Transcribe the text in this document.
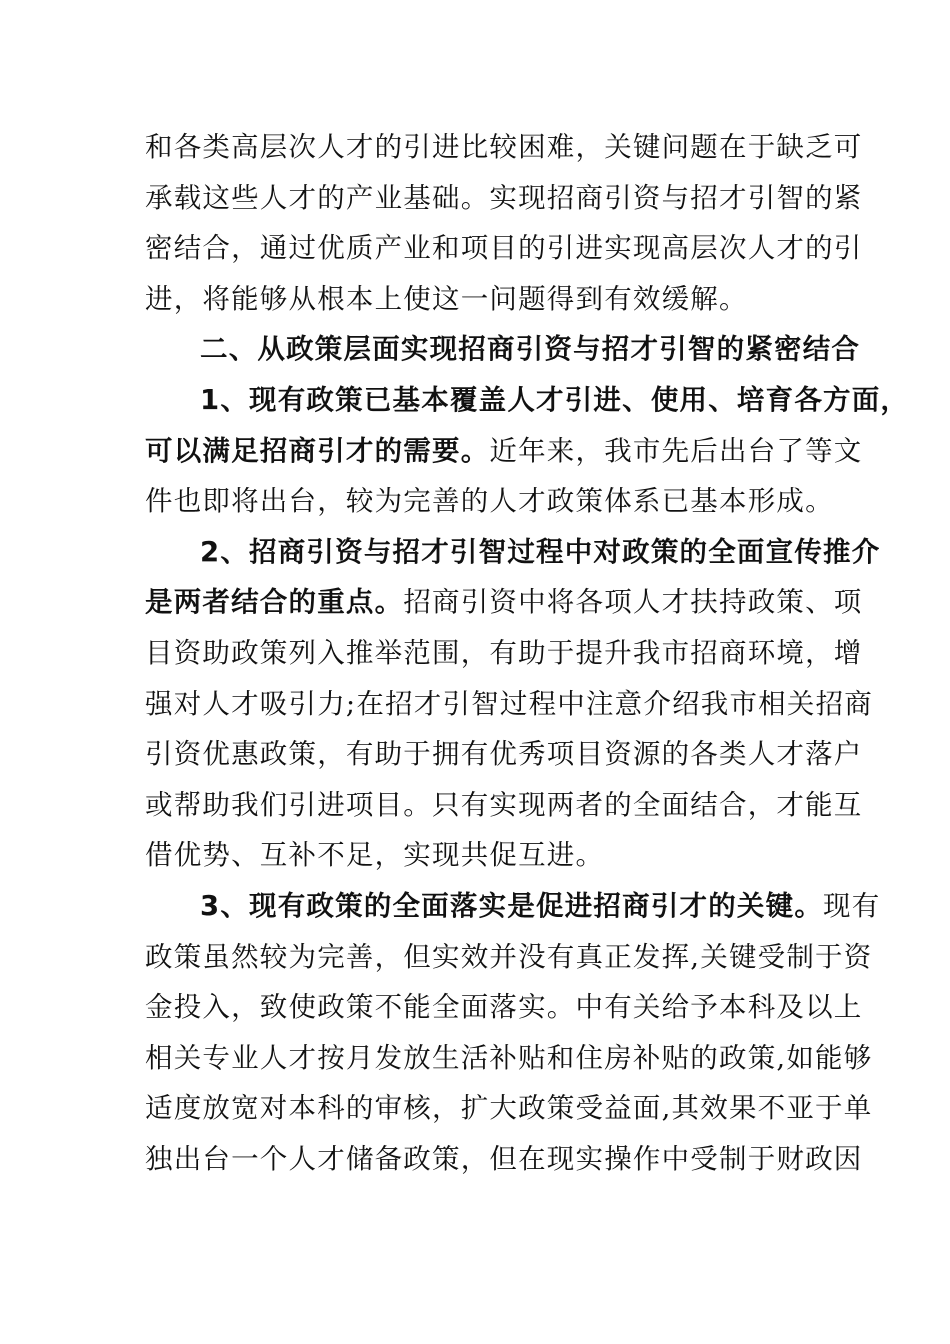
和各类高层次人才的引进比较困难，关键问题在于缺乏可
承载这些人才的产业基础。实现招商引资与招才引智的紧
密结合，通过优质产业和项目的引进实现高层次人才的引
进，将能够从根本上使这一问题得到有效缓解。
二、从政策层面实现招商引资与招才引智的紧密结合
1、现有政策已基本覆盖人才引进、使用、培育各方面，
可以满足招商引才的需要。近年来，我市先后出台了等文
件也即将出台，较为完善的人才政策体系已基本形成。
2、招商引资与招才引智过程中对政策的全面宣传推介
是两者结合的重点。招商引资中将各项人才扶持政策、项
目资助政策列入推举范围，有助于提升我市招商环境，增
强对人才吸引力;在招才引智过程中注意介绍我市相关招商
引资优惠政策，有助于拥有优秀项目资源的各类人才落户
或帮助我们引进项目。只有实现两者的全面结合，才能互
借优势、互补不足，实现共促互进。
3、现有政策的全面落实是促进招商引才的关键。现有
政策虽然较为完善，但实效并没有真正发挥,关键受制于资
金投入，致使政策不能全面落实。中有关给予本科及以上
相关专业人才按月发放生活补贴和住房补贴的政策,如能够
适度放宽对本科的审核，扩大政策受益面,其效果不亚于单
独出台一个人才储备政策，但在现实操作中受制于财政因
